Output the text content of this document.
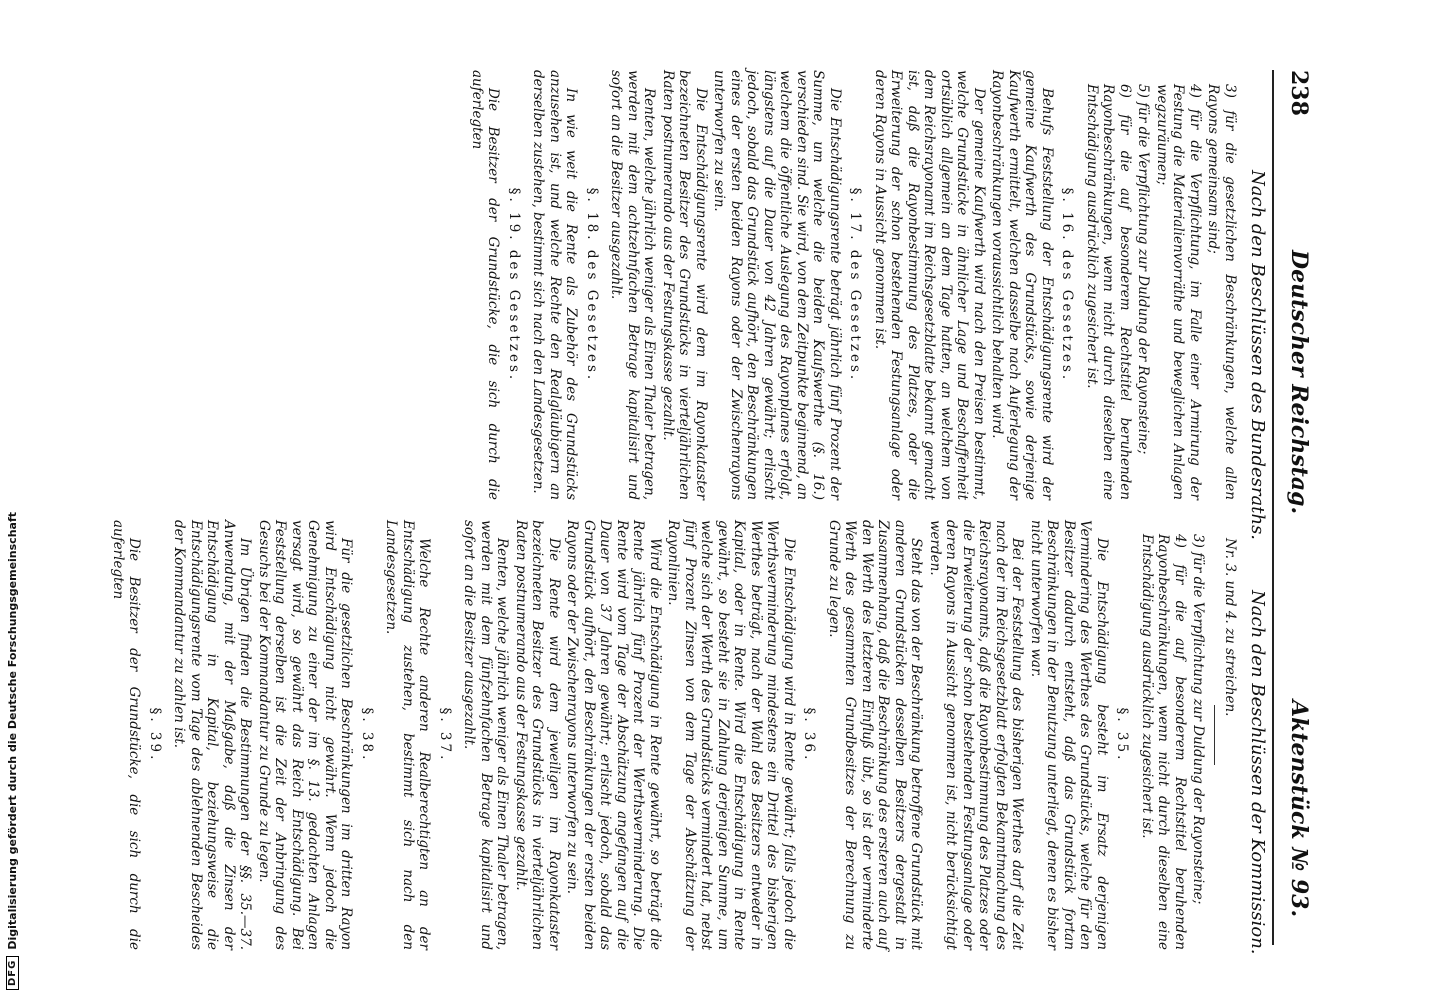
238
Deutscher Reichstag.
Aktenstück № 93.
Nach den Beschlüssen des Bundesraths.
Nach den Beschlüssen der Kommission.

3) für die gesetzlichen Beschränkungen, welche allen Rayons gemeinsam sind;

4) für die Verpflichtung, im Falle einer Armirung der Festung die Materialienvorräthe und beweglichen Anlagen wegzuräumen;

5) für die Verpflichtung zur Duldung der Rayonsteine;

6) für die auf besonderem Rechtstitel beruhenden Rayonbeschränkungen, wenn nicht durch dieselben eine Entschädigung ausdrücklich zugesichert ist.

§. 16. des Gesetzes.

Behufs Feststellung der Entschädigungsrente wird der gemeine Kaufwerth des Grundstücks, sowie derjenige Kaufwerth ermittelt, welchen dasselbe nach Auferlegung der Rayonbeschränkungen voraussichtlich behalten wird.

Der gemeine Kaufwerth wird nach den Preisen bestimmt, welche Grundstücke in ähnlicher Lage und Beschaffenheit ortsüblich allgemein an dem Tage hatten, an welchem von dem Reichsrayonamt im Reichsgesetzblatte bekannt gemacht ist, daß die Rayonbestimmung des Platzes, oder die Erweiterung der schon bestehenden Festungsanlage oder deren Rayons in Aussicht genommen ist.

§. 17. des Gesetzes.

Die Entschädigungsrente beträgt jährlich fünf Prozent der Summe, um welche die beiden Kaufswerthe (§. 16.) verschieden sind. Sie wird, von dem Zeitpunkte beginnend, an welchem die öffentliche Auslegung des Rayonplanes erfolgt, längstens auf die Dauer von 42 Jahren gewährt; erlischt jedoch, sobald das Grundstück aufhört, den Beschränkungen eines der ersten beiden Rayons oder der Zwischenrayons unterworfen zu sein.

Die Entschädigungsrente wird dem im Rayonkataster bezeichneten Besitzer des Grundstücks in vierteljährlichen Raten postnumerando aus der Festungskasse gezahlt.

Renten, welche jährlich weniger als Einen Thaler betragen, werden mit dem achtzehnfachen Betrage kapitalisirt und sofort an die Besitzer ausgezahlt.

§. 18. des Gesetzes.

In wie weit die Rente als Zubehör des Grundstücks anzusehen ist, und welche Rechte den Realgläubigern an derselben zustehen, bestimmt sich nach den Landesgesetzen.

§. 19. des Gesetzes.

Die Besitzer der Grundstücke, die sich durch die auferlegten

Nr. 3. und 4. zu streichen.

3) für die Verpflichtung zur Duldung der Rayonsteine;

4) für die auf besonderem Rechtstitel beruhenden Rayonbeschränkungen, wenn nicht durch dieselben eine Entschädigung ausdrücklich zugesichert ist.

§. 35.

Die Entschädigung besteht im Ersatz derjenigen Vermindering des Werthes des Grundstücks, welche für den Besitzer dadurch entsteht, daß das Grundstück fortan Beschränkungen in der Benutzung unterliegt, denen es bisher nicht unterworfen war.

Bei der Feststellung des bisherigen Werthes darf die Zeit nach der im Reichsgesetzblatt erfolgten Bekanntmachung des Reichsrayonamts, daß die Rayonbestimmung des Platzes oder die Erweiterung der schon bestehenden Festungsanlage oder deren Rayons in Aussicht genommen ist, nicht berücksichtigt werden.

Steht das von der Beschränkung betroffene Grundstück mit anderen Grundstücken desselben Besitzers dergestalt in Zusammenhang, daß die Beschränkung des ersteren auch auf den Werth des letzteren Einfluß übt, so ist der verminderte Werth des gesammten Grundbesitzes der Berechnung zu Grunde zu legen.

§. 36.

Die Entschädigung wird in Rente gewährt; falls jedoch die Werthsverminderung mindestens ein Drittel des bisherigen Werthes beträgt, nach der Wahl des Besitzers entweder in Kapital, oder in Rente. Wird die Entschädigung in Rente gewährt, so besteht sie in Zahlung derjenigen Summe, um welche sich der Werth des Grundstücks vermindert hat, nebst fünf Prozent Zinsen von dem Tage der Abschätzung der Rayonlinien.

Wird die Entschädigung in Rente gewährt, so beträgt die Rente jährlich fünf Prozent der Werthsverminderung. Die Rente wird vom Tage der Abschätzung angefangen auf die Dauer von 37 Jahren gewährt; erlischt jedoch, sobald das Grundstück aufhört, den Beschränkungen der ersten beiden Rayons oder der Zwischenrayons unterworfen zu sein.

Die Rente wird dem jeweiligen im Rayonkataster bezeichneten Besitzer des Grundstücks in vierteljährlichen Raten postnumerando aus der Festungskasse gezahlt.

Renten, welche jährlich weniger als Einen Thaler betragen, werden mit dem fünfzehnfachen Betrage kapitalisirt und sofort an die Besitzer ausgezahlt.

§. 37.

Welche Rechte anderen Realberechtigten an der Entschädigung zustehen, bestimmt sich nach den Landesgesetzen.

§. 38.

Für die gesetzlichen Beschränkungen im dritten Rayon wird Entschädigung nicht gewährt. Wenn jedoch die Genehmigung zu einer der im §. 13. gedachten Anlagen versagt wird, so gewährt das Reich Entschädigung. Bei Feststellung derselben ist die Zeit der Anbringung des Gesuchs bei der Kommandantur zu Grunde zu legen.

Im Übrigen finden die Bestimmungen der §§. 35.—37. Anwendung, mit der Maßgabe, daß die Zinsen der Entschädigung in Kapital, beziehungsweise die Entschädigungsrente vom Tage des ablehnenden Bescheides der Kommandantur zu zahlen ist.

§. 39.

Die Besitzer der Grundstücke, die sich durch die auferlegten

DFG
Digitalisierung gefördert durch die Deutsche Forschungsgemeinschaft
